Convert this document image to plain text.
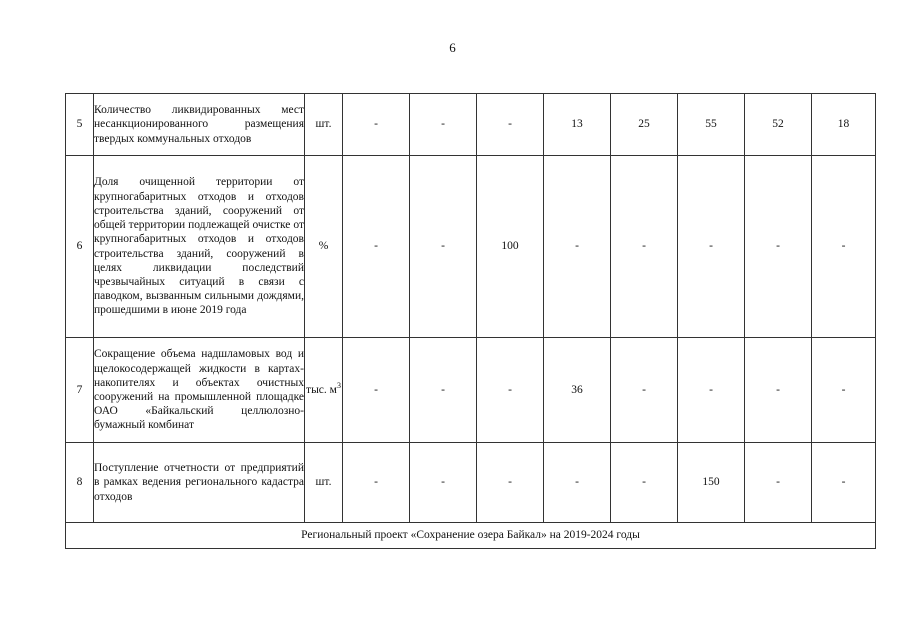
6
5	Количество ликвидированных мест несанкционированного размещения твердых коммунальных отходов	шт.	-	-	-	13	25	55	52	18
6	Доля очищенной территории от крупногабаритных отходов и отходов строительства зданий, сооружений от общей территории подлежащей очистке от крупногабаритных отходов и отходов строительства зданий, сооружений в целях ликвидации последствий чрезвычайных ситуаций в связи с паводком, вызванным сильными дождями, прошедшими в июне 2019 года	%	-	-	100	-	-	-	-	-
7	Сокращение объема надшламовых вод и щелокосодержащей жидкости в картах-накопителях и объектах очистных сооружений на промышленной площадке ОАО «Байкальский целлюлозно-бумажный комбинат	тыс. $м^3$	-	-	-	36	-	-	-	-
8	Поступление отчетности от предприятий в рамках ведения регионального кадастра отходов	шт.	-	-	-	-	-	150	-	-
Региональный проект «Сохранение озера Байкал» на 2019-2024 годы										
